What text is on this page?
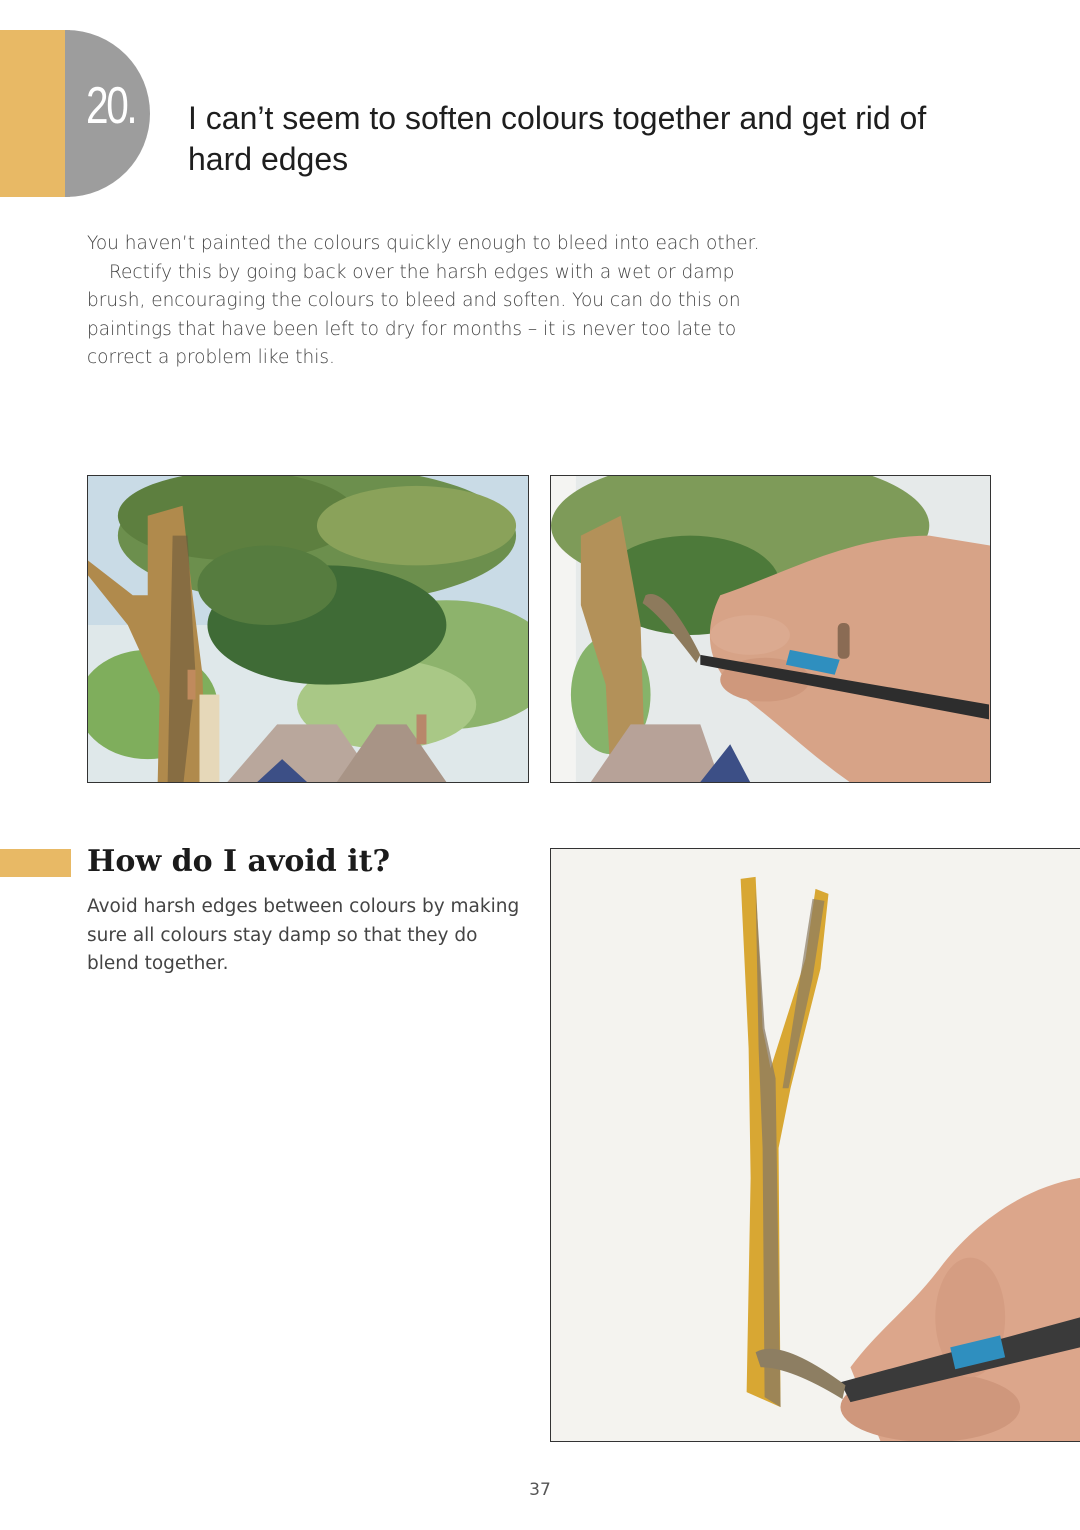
20. I can’t seem to soften colours together and get rid of hard edges

You haven’t painted the colours quickly enough to bleed into each other.

Rectify this by going back over the harsh edges with a wet or damp brush, encouraging the colours to bleed and soften. You can do this on paintings that have been left to dry for months – it is never too late to correct a problem like this.

How do I avoid it?

Avoid harsh edges between colours by making sure all colours stay damp so that they do blend together.

37
